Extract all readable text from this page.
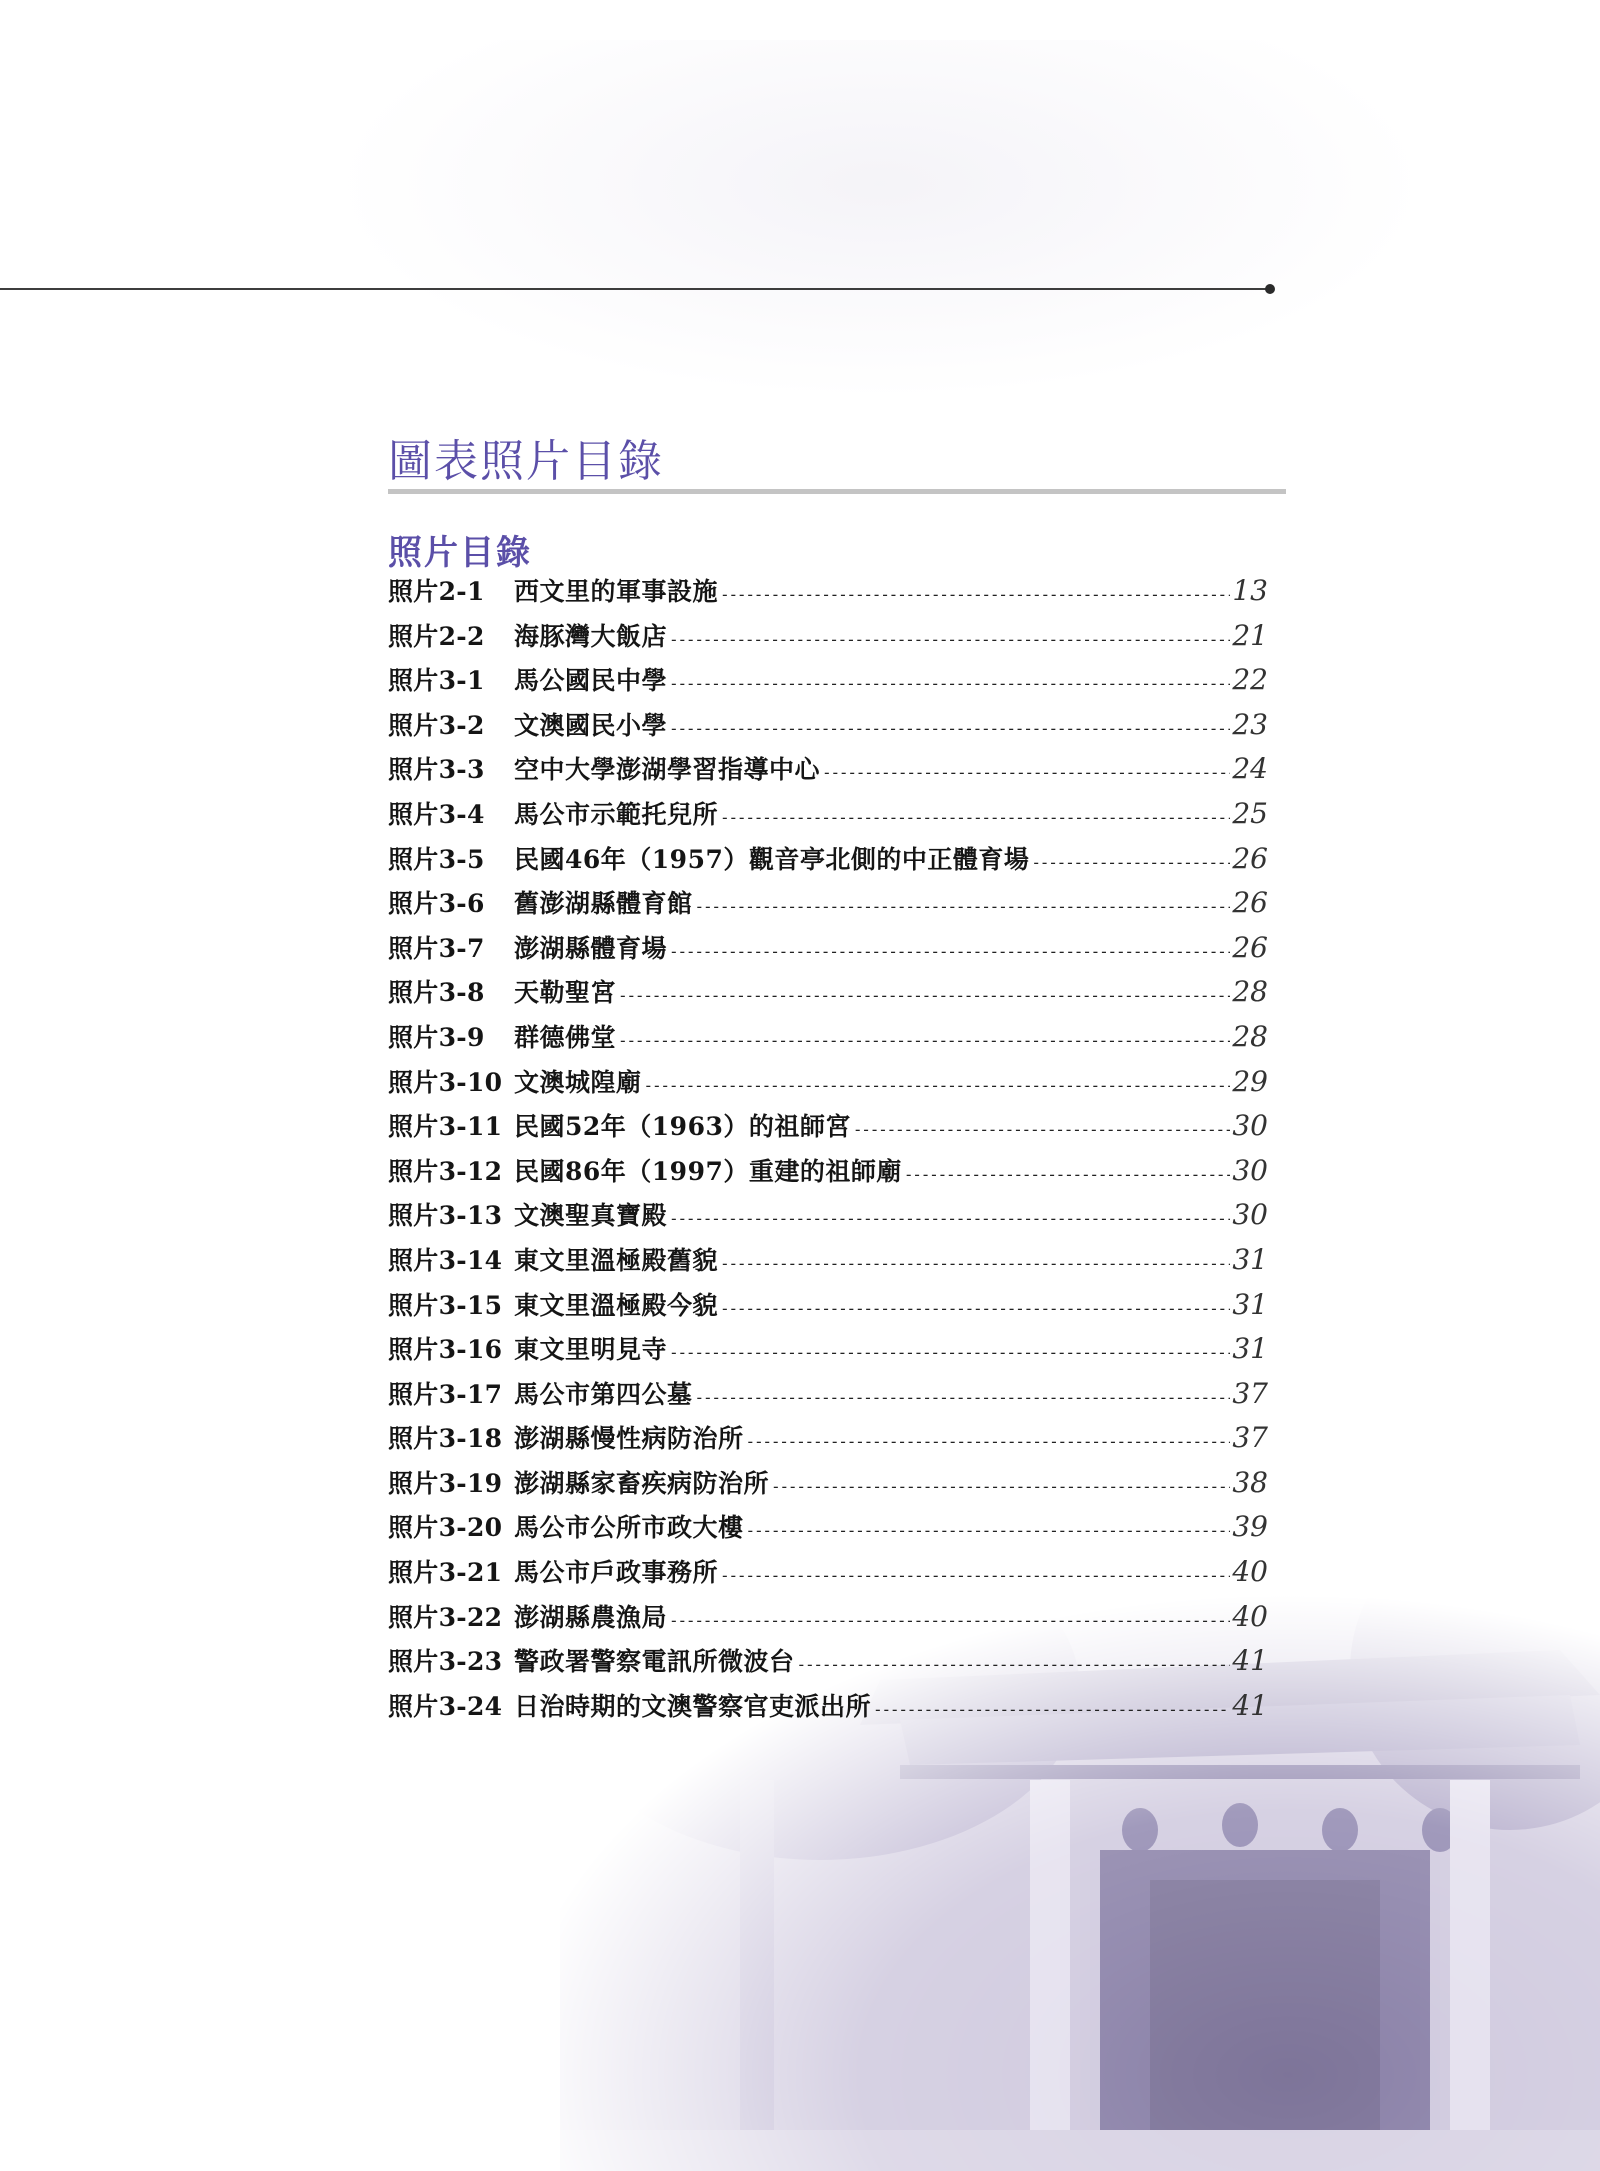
圖表照片目錄
照片目錄
照片2-1	西文里的軍事設施 -----	13
照片2-2	海豚灣大飯店 -----	21
照片3-1	馬公國民中學 -----	22
照片3-2	文澳國民小學 -----	23
照片3-3	空中大學澎湖學習指導中心 -----	24
照片3-4	馬公市示範托兒所 -----	25
照片3-5	民國46年（1957）觀音亭北側的中正體育場 -----	26
照片3-6	舊澎湖縣體育館 -----	26
照片3-7	澎湖縣體育場 -----	26
照片3-8	天勒聖宮 -----	28
照片3-9	群德佛堂 -----	28
照片3-10 文澳城隍廟 -----	29
照片3-11 民國52年（1963）的祖師宮 -----	30
照片3-12 民國86年（1997）重建的祖師廟 -----	30
照片3-13 文澳聖真寶殿 -----	30
照片3-14 東文里溫極殿舊貌 -----	31
照片3-15 東文里溫極殿今貌 -----	31
照片3-16 東文里明見寺 -----	31
照片3-17 馬公市第四公墓 -----	37
照片3-18 澎湖縣慢性病防治所 -----	37
照片3-19 澎湖縣家畜疾病防治所 -----	38
照片3-20 馬公市公所市政大樓 -----	39
照片3-21 馬公市戶政事務所 -----	40
照片3-22 澎湖縣農漁局 -----	40
照片3-23 警政署警察電訊所微波台 -----	41
照片3-24 日治時期的文澳警察官吏派出所 -----	41
